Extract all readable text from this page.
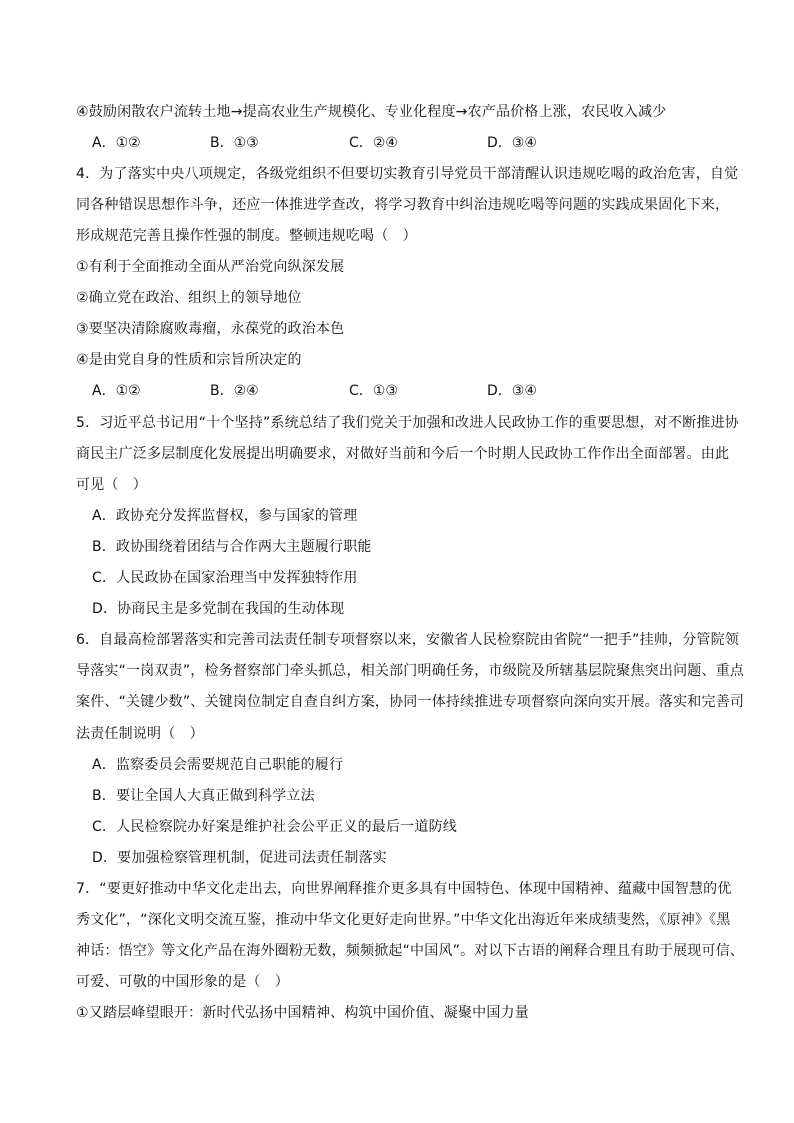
④鼓励闲散农户流转土地→提高农业生产规模化、专业化程度→农产品价格上涨，农民收入减少
A．①②	B．①③	C．②④	D．③④
4．为了落实中央八项规定，各级党组织不但要切实教育引导党员干部清醒认识违规吃喝的政治危害，自觉
同各种错误思想作斗争，还应一体推进学查改，将学习教育中纠治违规吃喝等问题的实践成果固化下来，
形成规范完善且操作性强的制度。整顿违规吃喝（　）
①有利于全面推动全面从严治党向纵深发展
②确立党在政治、组织上的领导地位
③要坚决清除腐败毒瘤，永葆党的政治本色
④是由党自身的性质和宗旨所决定的
A．①②	B．②④	C．①③	D．③④
5．习近平总书记用“十个坚持”系统总结了我们党关于加强和改进人民政协工作的重要思想，对不断推进协
商民主广泛多层制度化发展提出明确要求，对做好当前和今后一个时期人民政协工作作出全面部署。由此
可见（　）
A．政协充分发挥监督权，参与国家的管理
B．政协围绕着团结与合作两大主题履行职能
C．人民政协在国家治理当中发挥独特作用
D．协商民主是多党制在我国的生动体现
6．自最高检部署落实和完善司法责任制专项督察以来，安徽省人民检察院由省院“一把手”挂帅，分管院领
导落实“一岗双责”，检务督察部门牵头抓总，相关部门明确任务，市级院及所辖基层院聚焦突出问题、重点
案件、“关键少数”、关键岗位制定自查自纠方案，协同一体持续推进专项督察向深向实开展。落实和完善司
法责任制说明（　）
A．监察委员会需要规范自己职能的履行
B．要让全国人大真正做到科学立法
C．人民检察院办好案是维护社会公平正义的最后一道防线
D．要加强检察管理机制，促进司法责任制落实
7．“要更好推动中华文化走出去，向世界阐释推介更多具有中国特色、体现中国精神、蕴藏中国智慧的优
秀文化”，“深化文明交流互鉴，推动中华文化更好走向世界。”中华文化出海近年来成绩斐然，《原神》《黑
神话：悟空》等文化产品在海外圈粉无数，频频掀起“中国风”。对以下古语的阐释合理且有助于展现可信、
可爱、可敬的中国形象的是（　）
①又踏层峰望眼开：新时代弘扬中国精神、构筑中国价值、凝聚中国力量
